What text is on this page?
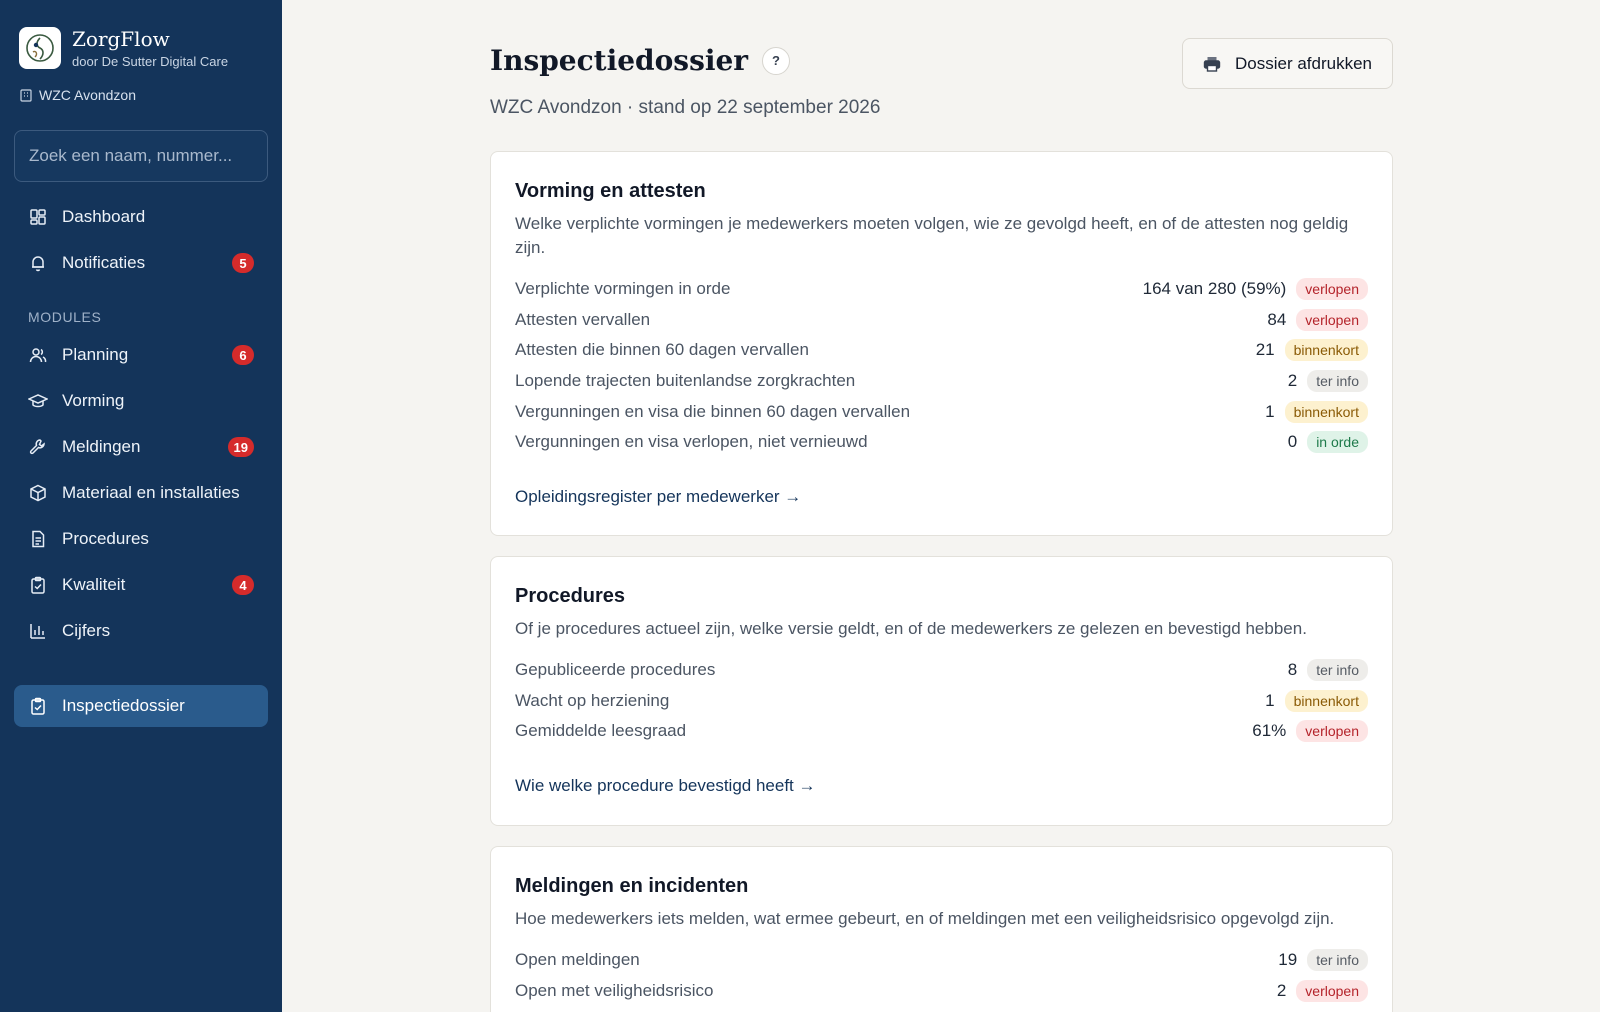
ZorgFlow
door De Sutter Digital Care
WZC Avondzon
Zoek een naam, nummer...
Dashboard
Notificaties	5
MODULES
Planning	6
Vorming
Meldingen	19
Materiaal en installaties
Procedures
Kwaliteit	4
Cijfers
Inspectiedossier
Inspectiedossier	?
WZC Avondzon · stand op 22 september 2026
Dossier afdrukken
Vorming en attesten

Welke verplichte vormingen je medewerkers moeten volgen, wie ze gevolgd heeft, en of de attesten nog geldig zijn.

Verplichte vormingen in orde	164 van 280 (59%)	verlopen
Attesten vervallen	84	verlopen
Attesten die binnen 60 dagen vervallen	21	binnenkort
Lopende trajecten buitenlandse zorgkrachten	2	ter info
Vergunningen en visa die binnen 60 dagen vervallen	1	binnenkort
Vergunningen en visa verlopen, niet vernieuwd	0	in orde
Opleidingsregister per medewerker →
Procedures

Of je procedures actueel zijn, welke versie geldt, en of de medewerkers ze gelezen en bevestigd hebben.

Gepubliceerde procedures	8	ter info
Wacht op herziening	1	binnenkort
Gemiddelde leesgraad	61%	verlopen
Wie welke procedure bevestigd heeft →
Meldingen en incidenten

Hoe medewerkers iets melden, wat ermee gebeurt, en of meldingen met een veiligheidsrisico opgevolgd zijn.

Open meldingen	19	ter info
Open met veiligheidsrisico	2	verlopen
